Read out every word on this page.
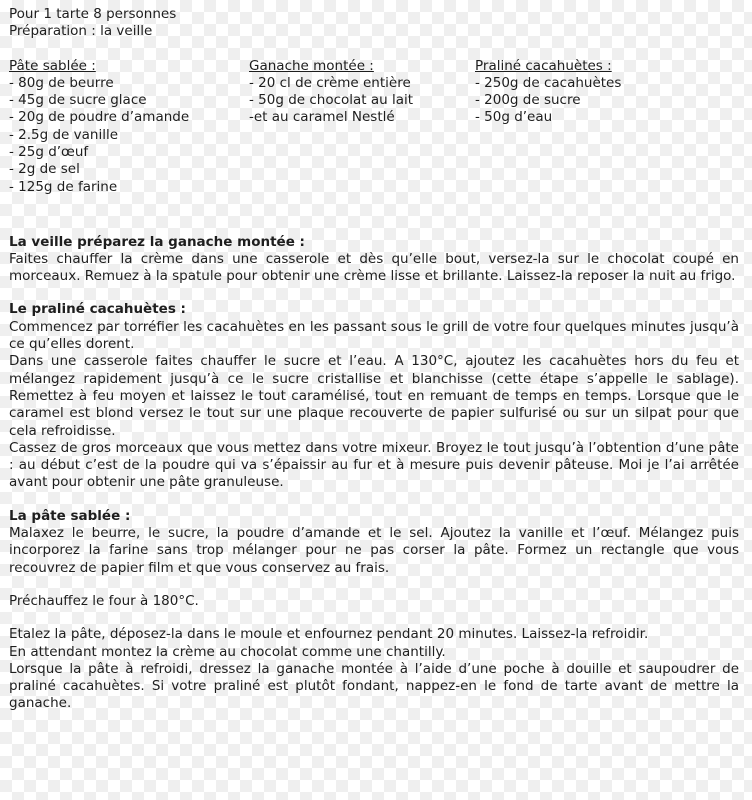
Pour 1 tarte 8 personnes
Préparation : la veille
Pâte sablée :
- 80g de beurre
- 45g de sucre glace
- 20g de poudre d’amande
- 2.5g de vanille
- 25g d’œuf
- 2g de sel
- 125g de farine
Ganache montée :
- 20 cl de crème entière
- 50g de chocolat au lait
-et au caramel Nestlé
Praliné cacahuètes :
- 250g de cacahuètes
- 200g de sucre
- 50g d’eau
La veille préparez la ganache montée :
Faites chauffer la crème dans une casserole et dès qu’elle bout, versez-la sur le chocolat coupé en morceaux. Remuez à la spatule pour obtenir une crème lisse et brillante. Laissez-la reposer la nuit au frigo.
Le praliné cacahuètes :
Commencez par torréfier les cacahuètes en les passant sous le grill de votre four quelques minutes jusqu’à ce qu’elles dorent.
Dans une casserole faites chauffer le sucre et l’eau. A 130°C, ajoutez les cacahuètes hors du feu et mélangez rapidement jusqu’à ce le sucre cristallise et blanchisse (cette étape s’appelle le sablage). Remettez à feu moyen et laissez le tout caramélisé, tout en remuant de temps en temps. Lorsque que le caramel est blond versez le tout sur une plaque recouverte de papier sulfurisé ou sur un silpat pour que cela refroidisse.
Cassez de gros morceaux que vous mettez dans votre mixeur. Broyez le tout jusqu’à l’obtention d’une pâte : au début c’est de la poudre qui va s’épaissir au fur et à mesure puis devenir pâteuse. Moi je l’ai arrêtée avant pour obtenir une pâte granuleuse.
La pâte sablée :
Malaxez le beurre, le sucre, la poudre d’amande et le sel. Ajoutez la vanille et l’œuf. Mélangez puis incorporez la farine sans trop mélanger pour ne pas corser la pâte. Formez un rectangle que vous recouvrez de papier film et que vous conservez au frais.
Préchauffez le four à 180°C.
Etalez la pâte, déposez-la dans le moule et enfournez pendant 20 minutes. Laissez-la refroidir.
En attendant montez la crème au chocolat comme une chantilly.
Lorsque la pâte à refroidi, dressez la ganache montée à l’aide d’une poche à douille et saupoudrer de praliné cacahuètes. Si votre praliné est plutôt fondant, nappez-en le fond de tarte avant de mettre la ganache.
